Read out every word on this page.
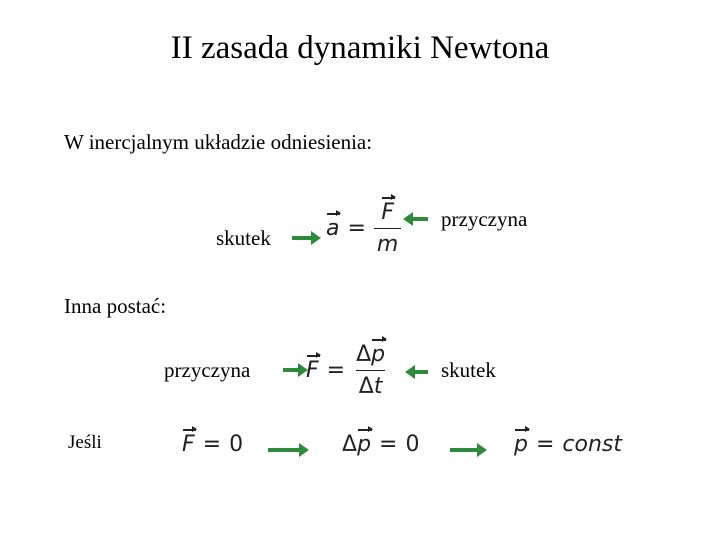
II zasada dynamiki Newtona
W inercjalnym układzie odniesienia:
skutek	$a = \frac{F}{m}$ przyczyna
Inna postać:
przyczyna	$F = \frac{\Delta p}{\Delta t}$	skutek
Jeśli	F = 0	Δp = 0	p = const
